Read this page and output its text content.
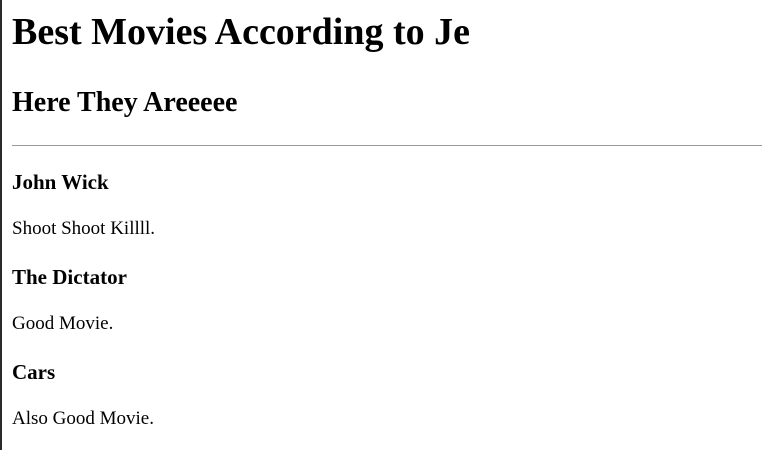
Best Movies According to Je
Here They Areeeee
John Wick

Shoot Shoot Killll.

The Dictator

Good Movie.

Cars

Also Good Movie.
